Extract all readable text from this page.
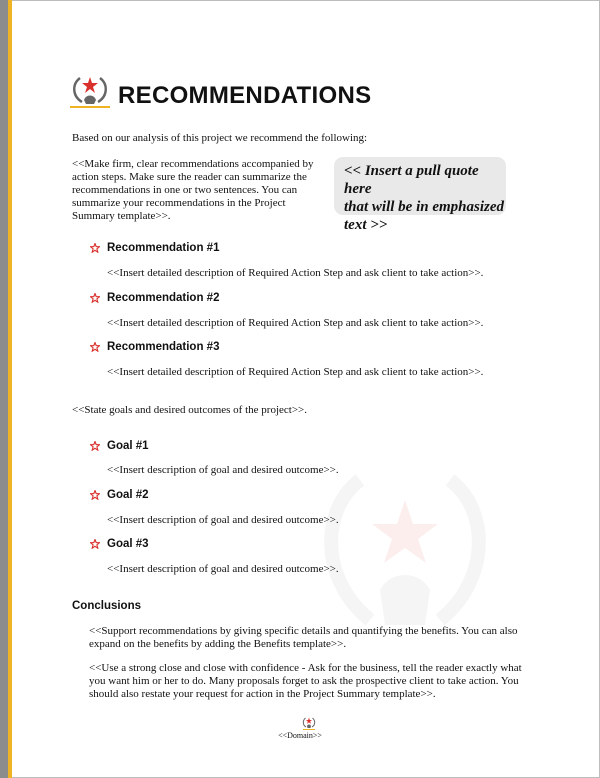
RECOMMENDATIONS
Based on our analysis of this project we recommend the following:
<<Make firm, clear recommendations accompanied by
action steps. Make sure the reader can summarize the
recommendations in one or two sentences. You can
summarize your recommendations in the Project
Summary template>>.
<< Insert a pull quote here
that will be in emphasized
text >>
Recommendation #1
<<Insert detailed description of Required Action Step and ask client to take action>>.
Recommendation #2
<<Insert detailed description of Required Action Step and ask client to take action>>.
Recommendation #3
<<Insert detailed description of Required Action Step and ask client to take action>>.
<<State goals and desired outcomes of the project>>.
Goal #1
<<Insert description of goal and desired outcome>>.
Goal #2
<<Insert description of goal and desired outcome>>.
Goal #3
<<Insert description of goal and desired outcome>>.
Conclusions
<<Support recommendations by giving specific details and quantifying the benefits. You can also
expand on the benefits by adding the Benefits template>>.
<<Use a strong close and close with confidence - Ask for the business, tell the reader exactly what
you want him or her to do. Many proposals forget to ask the prospective client to take action. You
should also restate your request for action in the Project Summary template>>.
<<Domain>>
